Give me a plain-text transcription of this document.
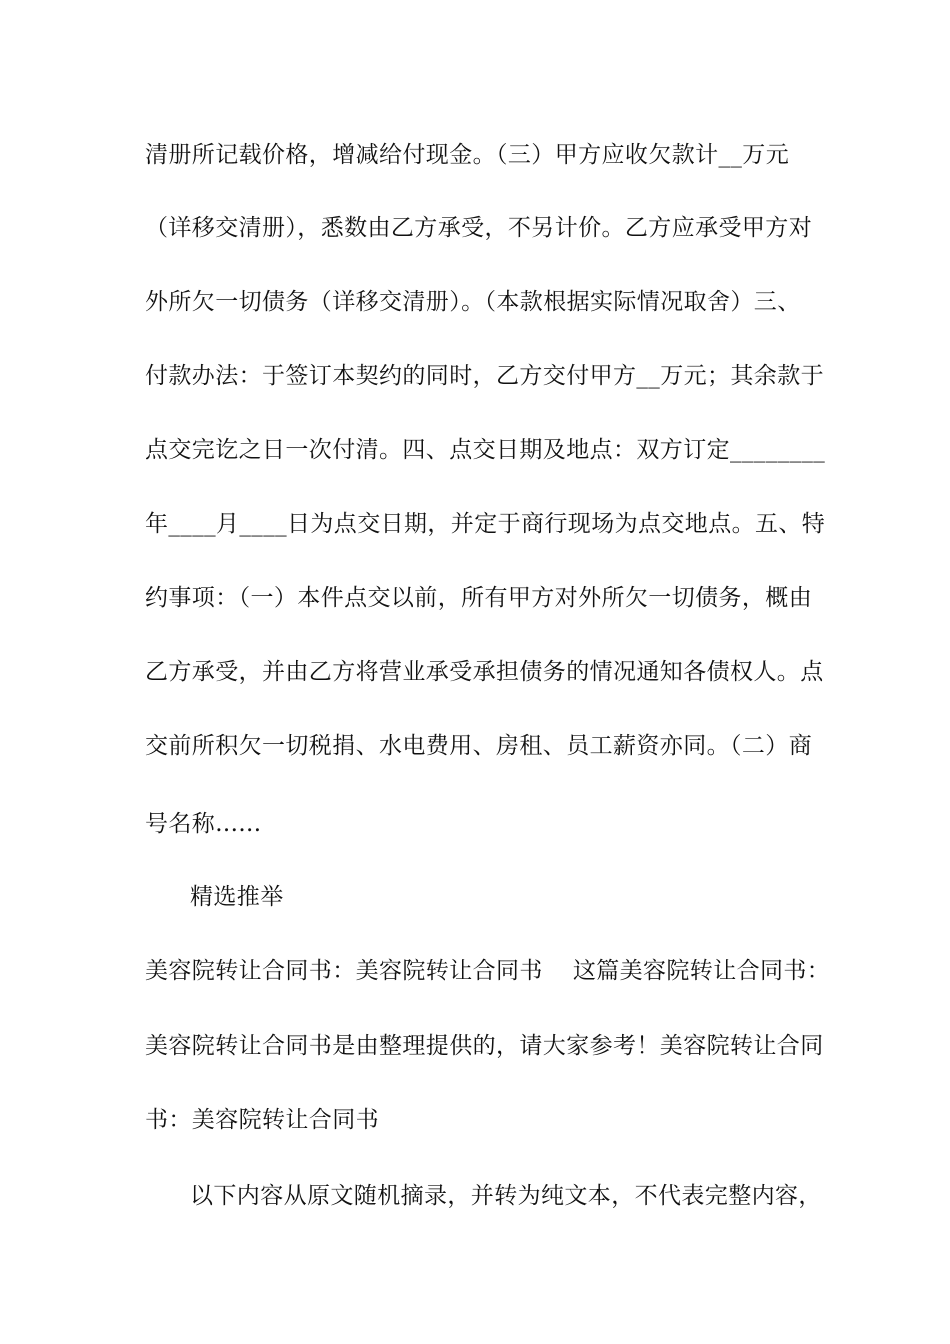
清册所记载价格，增减给付现金。（三）甲方应收欠款计__万元
（详移交清册），悉数由乙方承受，不另计价。乙方应承受甲方对
外所欠一切债务（详移交清册）。（本款根据实际情况取舍）三、
付款办法：于签订本契约的同时，乙方交付甲方__万元；其余款于
点交完讫之日一次付清。四、点交日期及地点：双方订定________
年____月____日为点交日期，并定于商行现场为点交地点。五、特
约事项：（一）本件点交以前，所有甲方对外所欠一切债务，概由
乙方承受，并由乙方将营业承受承担债务的情况通知各债权人。点
交前所积欠一切税捐、水电费用、房租、员工薪资亦同。（二）商
号名称......
精选推举
美容院转让合同书：美容院转让合同书 这篇美容院转让合同书：
美容院转让合同书是由整理提供的，请大家参考！美容院转让合同
书：美容院转让合同书
以下内容从原文随机摘录，并转为纯文本，不代表完整内容，
